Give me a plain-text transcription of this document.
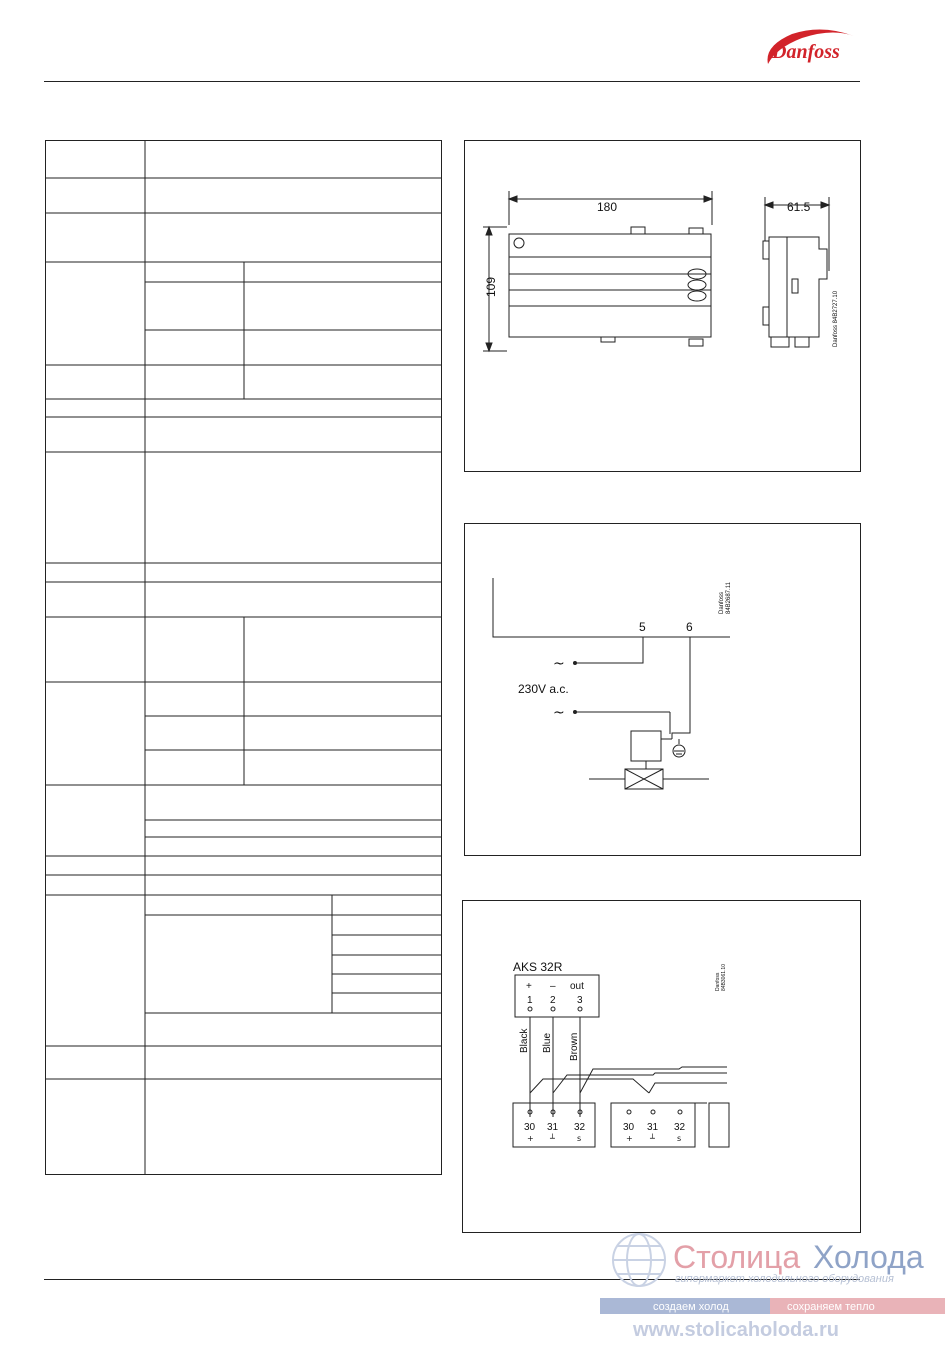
Danfoss
180	61.5
109
Danfoss 84B2727.10
~
~
5	6
230V a.c.
Danfoss 84B2687.11
AKS 32R
+ – out
1 2 3
Black Blue Brown
30 31 32	30 31 32
+ ┴	s	+ ┴	s
Danfoss 84B3061.10
Столица Холода
гипермаркет холодильного оборудования
создаем холод	сохраняем тепло
www.stolicaholoda.ru
